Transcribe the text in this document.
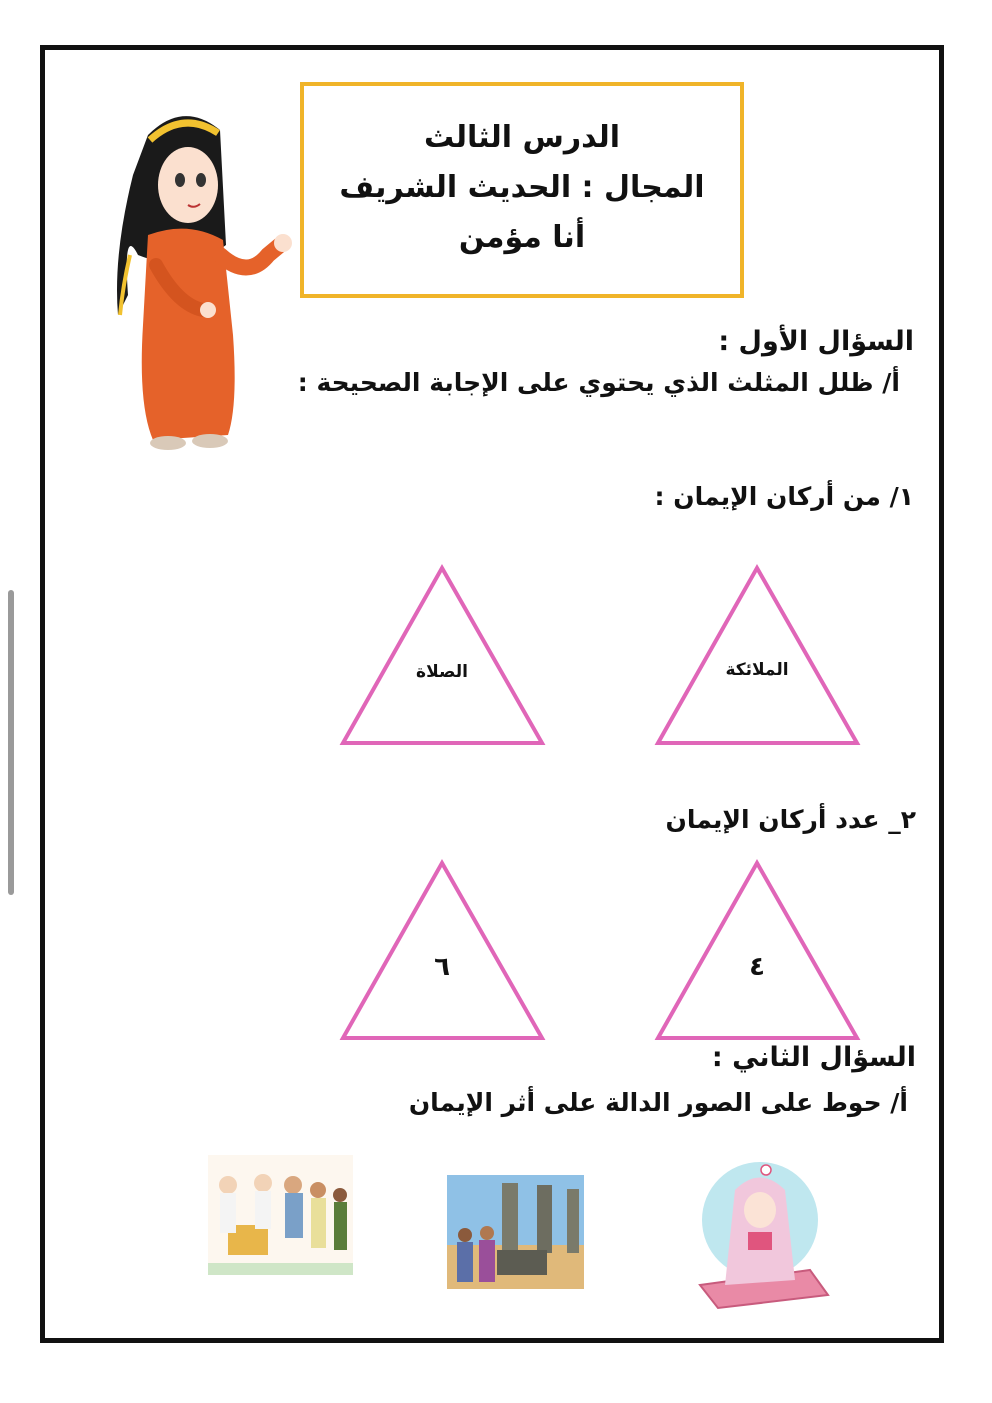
الدرس الثالث
المجال : الحديث الشريف
أنا مؤمن
السؤال الأول :
أ/ ظلل المثلث الذي يحتوي على الإجابة الصحيحة :
١/ من أركان الإيمان :
الملائكة
الصلاة
٢_ عدد أركان الإيمان
٤
٦
السؤال الثاني :
أ/ حوط على الصور الدالة على أثر الإيمان
